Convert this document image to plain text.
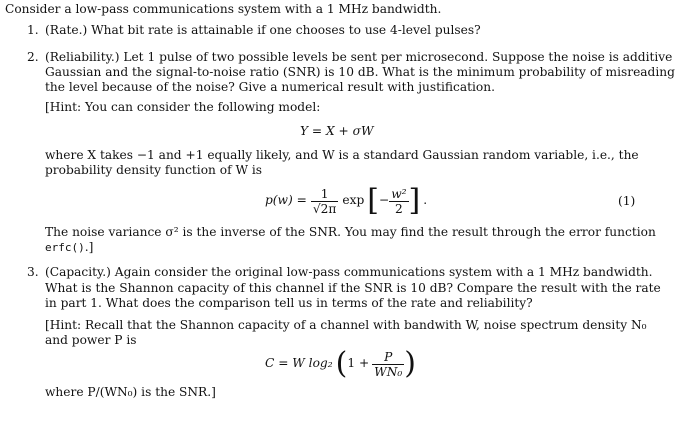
Consider a low-pass communications system with a 1 MHz bandwidth.
1. (Rate.) What bit rate is attainable if one chooses to use 4-level pulses?
2. (Reliability.) Let 1 pulse of two possible levels be sent per microsecond. Suppose the noise is additive
Gaussian and the signal-to-noise ratio (SNR) is 10 dB. What is the minimum probability of misreading
the level because of the noise? Give a numerical result with justification.
[Hint: You can consider the following model:
Y = X + σW
where X takes −1 and +1 equally likely, and W is a standard Gaussian random variable, i.e., the
probability density function of W is
$p(w) = \frac{1}{√2\pi}$ exp [ − $\frac{\text{w²}}{2}$ ] .	(1)
The noise variance σ² is the inverse of the SNR. You may find the result through the error function
erfc().]
3. (Capacity.) Again consider the original low-pass communications system with a 1 MHz bandwidth.
What is the Shannon capacity of this channel if the SNR is 10 dB? Compare the result with the rate
in part 1. What does the comparison tell us in terms of the rate and reliability?
[Hint: Recall that the Shannon capacity of a channel with bandwith W, noise spectrum density N₀
and power P is
C = W log₂ ( $1 + \frac{P}{\text{WN₀}}$ )
where P/(WN₀) is the SNR.]
